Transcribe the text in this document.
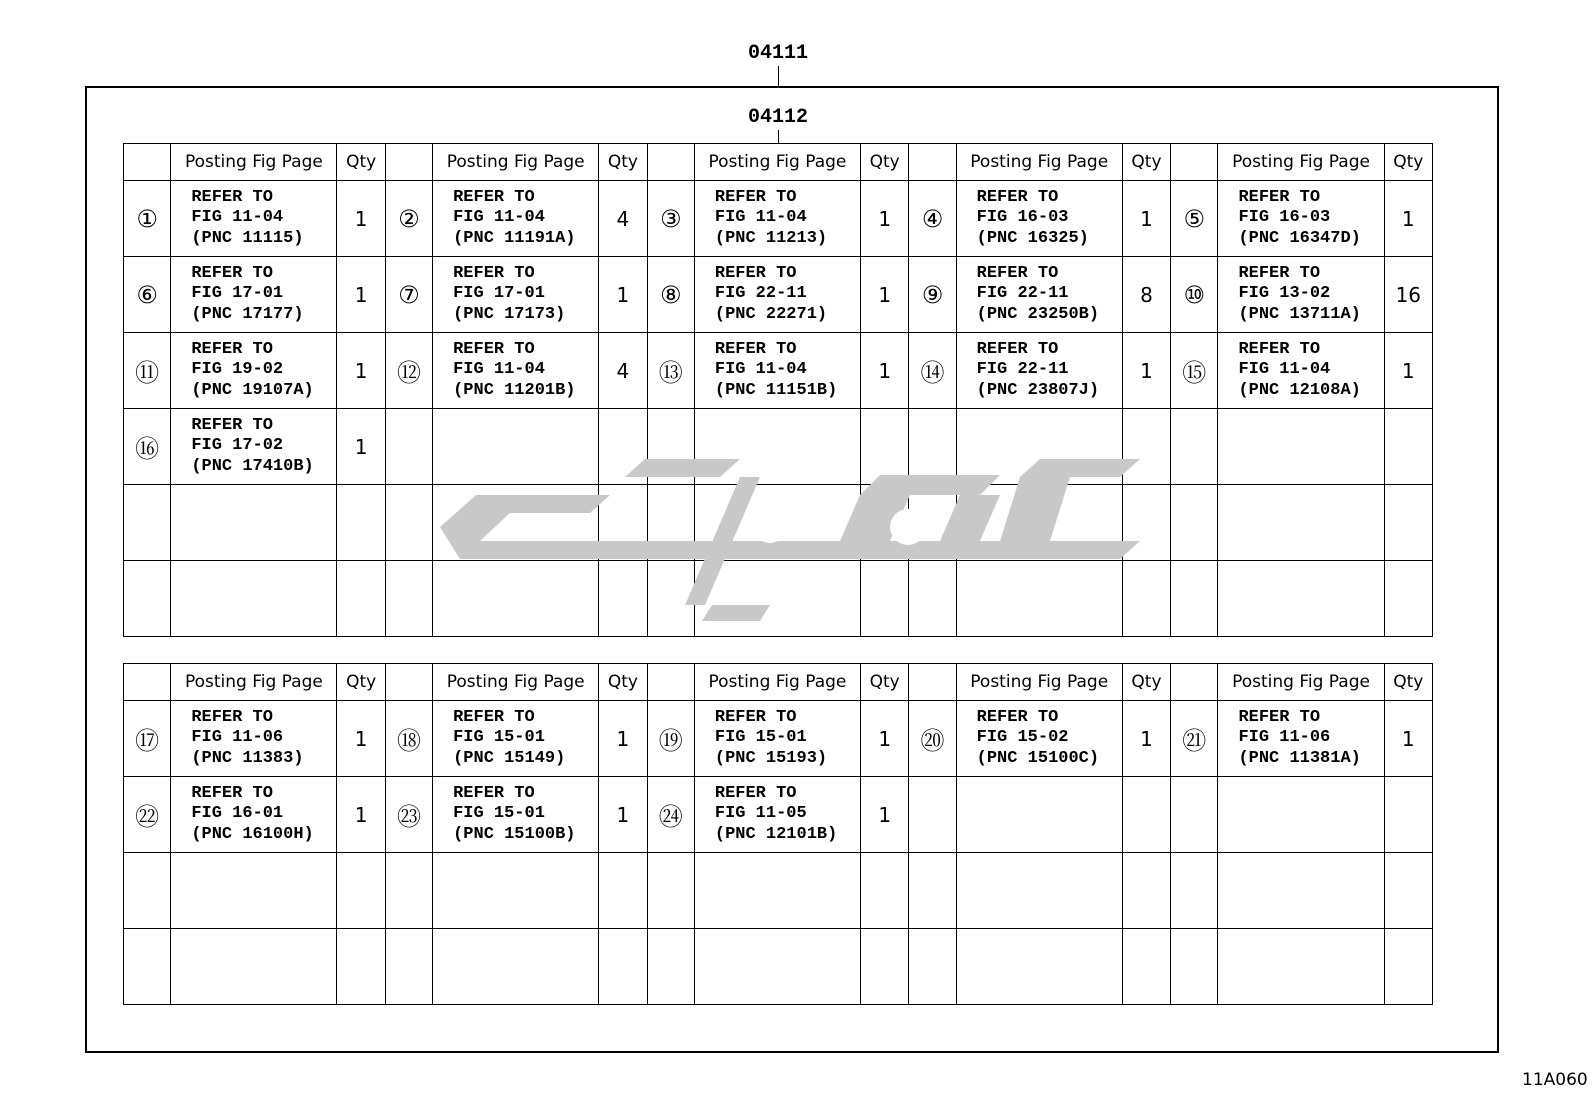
04111
04112
	Posting Fig Page	Qty		Posting Fig Page	Qty		Posting Fig Page	Qty		Posting Fig Page	Qty		Posting Fig Page	Qty
①	REFER TO
FIG 11-04
(PNC 11115)	1	②	REFER TO
FIG 11-04
(PNC 11191A)	4	③	REFER TO
FIG 11-04
(PNC 11213)	1	④	REFER TO
FIG 16-03
(PNC 16325)	1	⑤	REFER TO
FIG 16-03
(PNC 16347D)	1
⑥	REFER TO
FIG 17-01
(PNC 17177)	1	⑦	REFER TO
FIG 17-01
(PNC 17173)	1	⑧	REFER TO
FIG 22-11
(PNC 22271)	1	⑨	REFER TO
FIG 22-11
(PNC 23250B)	8	⑩	REFER TO
FIG 13-02
(PNC 13711A)	16
⑪	REFER TO
FIG 19-02
(PNC 19107A)	1	⑫	REFER TO
FIG 11-04
(PNC 11201B)	4	⑬	REFER TO
FIG 11-04
(PNC 11151B)	1	⑭	REFER TO
FIG 22-11
(PNC 23807J)	1	⑮	REFER TO
FIG 11-04
(PNC 12108A)	1
⑯	REFER TO
FIG 17-02
(PNC 17410B)	1												

	Posting Fig Page	Qty		Posting Fig Page	Qty		Posting Fig Page	Qty		Posting Fig Page	Qty		Posting Fig Page	Qty
⑰	REFER TO
FIG 11-06
(PNC 11383)	1	⑱	REFER TO
FIG 15-01
(PNC 15149)	1	⑲	REFER TO
FIG 15-01
(PNC 15193)	1	⑳	REFER TO
FIG 15-02
(PNC 15100C)	1	㉑	REFER TO
FIG 11-06
(PNC 11381A)	1
㉒	REFER TO
FIG 16-01
(PNC 16100H)	1	㉓	REFER TO
FIG 15-01
(PNC 15100B)	1	㉔	REFER TO
FIG 11-05
(PNC 12101B)	1						

11A060
